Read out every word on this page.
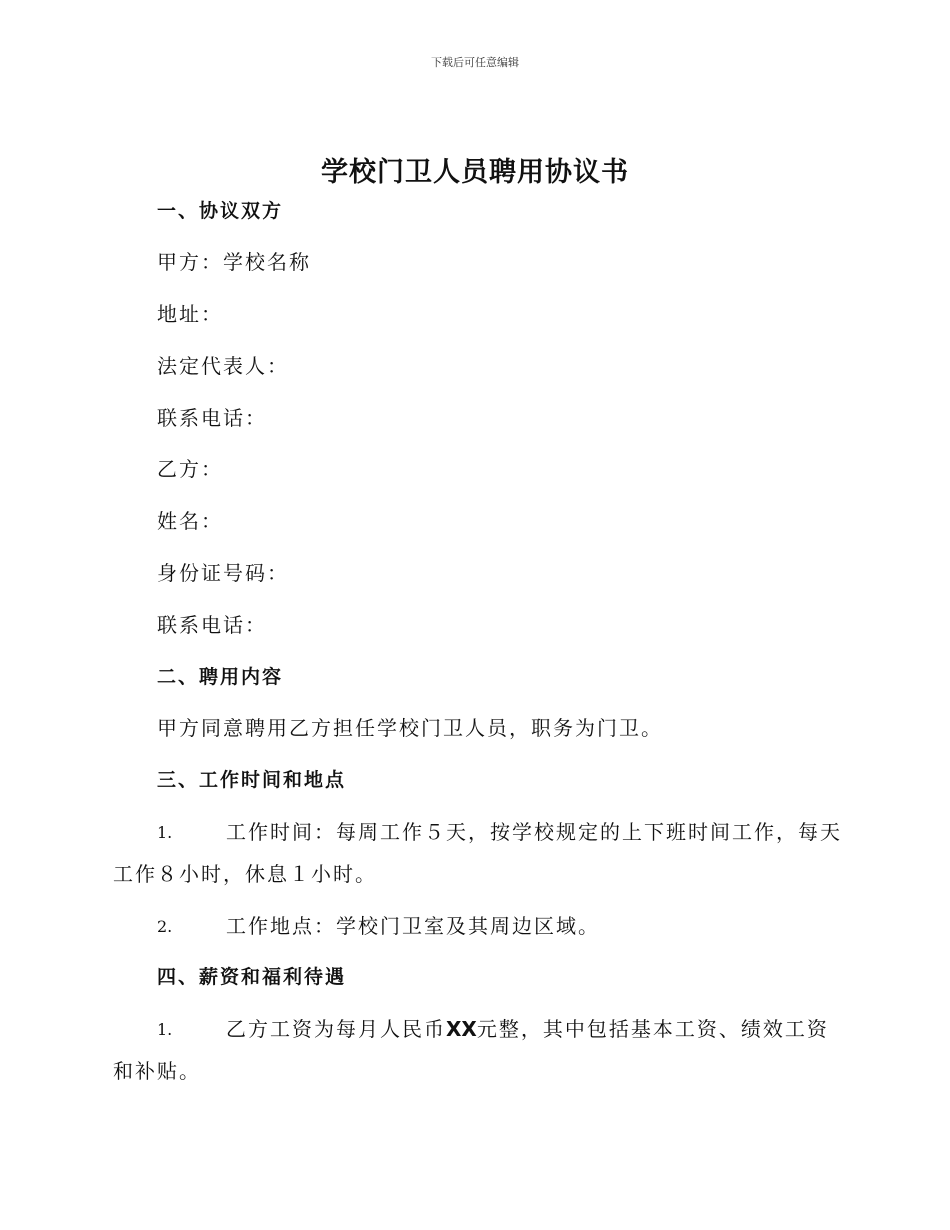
下载后可任意编辑
学校门卫人员聘用协议书
一、协议双方
甲方：学校名称
地址：
法定代表人：
联系电话：
乙方：
姓名：
身份证号码：
联系电话：
二、聘用内容
甲方同意聘用乙方担任学校门卫人员，职务为门卫。
三、工作时间和地点
1.	工作时间：每周工作５天，按学校规定的上下班时间工作，每天
工作８小时，休息１小时。
2.	工作地点：学校门卫室及其周边区域。
四、薪资和福利待遇
1.	乙方工资为每月人民币XX元整，其中包括基本工资、绩效工资
和补贴。
